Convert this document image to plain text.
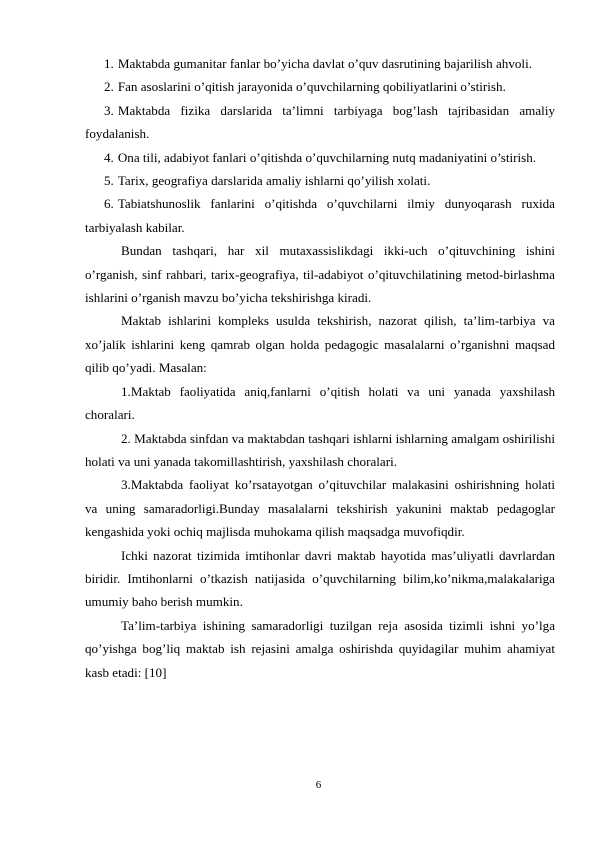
1. Maktabda gumanitar fanlar bo’yicha davlat o’quv dasrutining bajarilish ahvoli.

2. Fan asoslarini o’qitish jarayonida o’quvchilarning qobiliyatlarini o’stirish.

3. Maktabda fizika darslarida ta’limni tarbiyaga bog’lash tajribasidan amaliy foydalanish.

4. Ona tili, adabiyot fanlari o’qitishda o’quvchilarning nutq madaniyatini o’stirish.

5. Tarix, geografiya darslarida amaliy ishlarni qo’yilish xolati.

6. Tabiatshunoslik fanlarini o’qitishda o’quvchilarni ilmiy dunyoqarash ruxida tarbiyalash kabilar.

Bundan tashqari, har xil mutaxassislikdagi ikki-uch o’qituvchining ishini o’rganish, sinf rahbari, tarix-geografiya, til-adabiyot o’qituvchilatining metod-birlashma ishlarini o’rganish mavzu bo’yicha tekshirishga kiradi.

Maktab ishlarini kompleks usulda tekshirish, nazorat qilish, ta’lim-tarbiya va xo’jalik ishlarini keng qamrab olgan holda pedagogic masalalarni o’rganishni maqsad qilib qo’yadi. Masalan:

1.Maktab faoliyatida aniq,fanlarni o’qitish holati va uni yanada yaxshilash choralari.

2. Maktabda sinfdan va maktabdan tashqari ishlarni ishlarning amalgam oshirilishi holati va uni yanada takomillashtirish, yaxshilash choralari.

3.Maktabda faoliyat ko’rsatayotgan o’qituvchilar malakasini oshirishning holati va uning samaradorligi.Bunday masalalarni tekshirish yakunini maktab pedagoglar kengashida yoki ochiq majlisda muhokama qilish maqsadga muvofiqdir.

Ichki nazorat tizimida imtihonlar davri maktab hayotida mas’uliyatli davrlardan biridir. Imtihonlarni o’tkazish natijasida o’quvchilarning bilim,ko’nikma,malakalariga umumiy baho berish mumkin.

Ta’lim-tarbiya ishining samaradorligi tuzilgan reja asosida tizimli ishni yo’lga qo’yishga bog’liq maktab ish rejasini amalga oshirishda quyidagilar muhim ahamiyat kasb etadi: [10]

6
